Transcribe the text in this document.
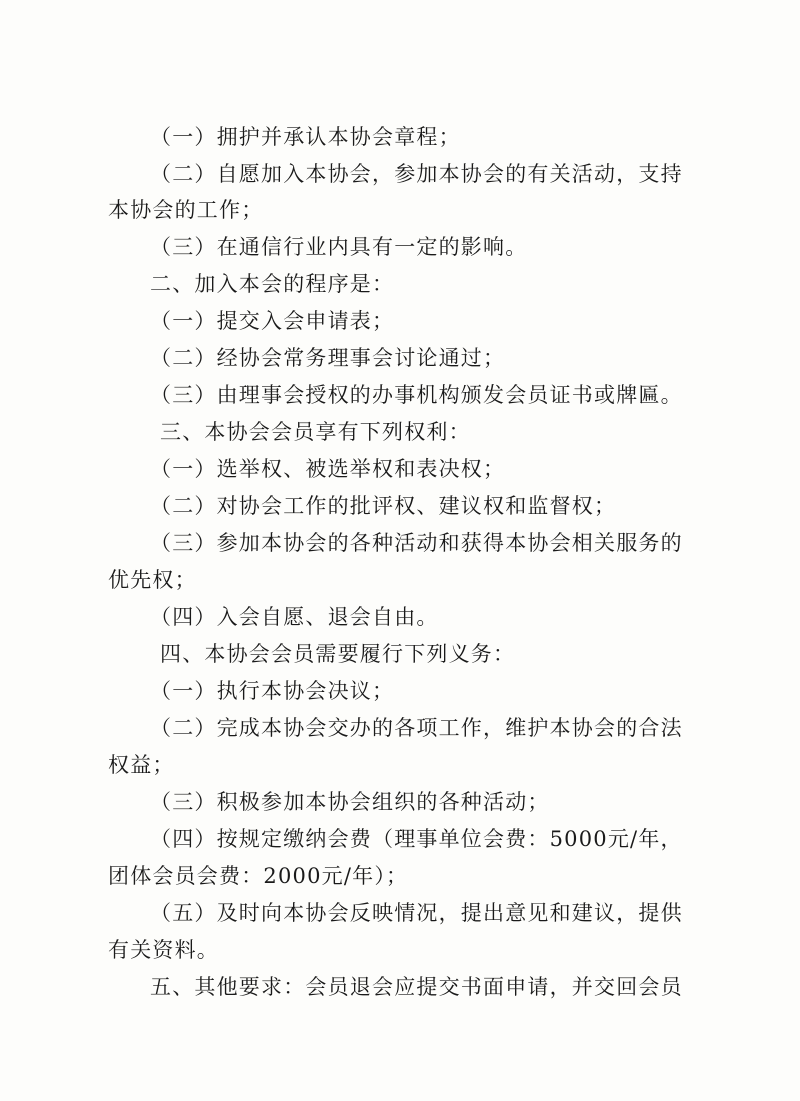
（一）拥护并承认本协会章程；
（二）自愿加入本协会，参加本协会的有关活动，支持
本协会的工作；
（三）在通信行业内具有一定的影响。
二、加入本会的程序是：
（一）提交入会申请表；
（二）经协会常务理事会讨论通过；
（三）由理事会授权的办事机构颁发会员证书或牌匾。
三、本协会会员享有下列权利：
（一）选举权、被选举权和表决权；
（二）对协会工作的批评权、建议权和监督权；
（三）参加本协会的各种活动和获得本协会相关服务的
优先权；
（四）入会自愿、退会自由。
四、本协会会员需要履行下列义务：
（一）执行本协会决议；
（二）完成本协会交办的各项工作，维护本协会的合法
权益；
（三）积极参加本协会组织的各种活动；
（四）按规定缴纳会费（理事单位会费：5000元/年，
团体会员会费：2000元/年）；
（五）及时向本协会反映情况，提出意见和建议，提供
有关资料。
五、其他要求：会员退会应提交书面申请，并交回会员
